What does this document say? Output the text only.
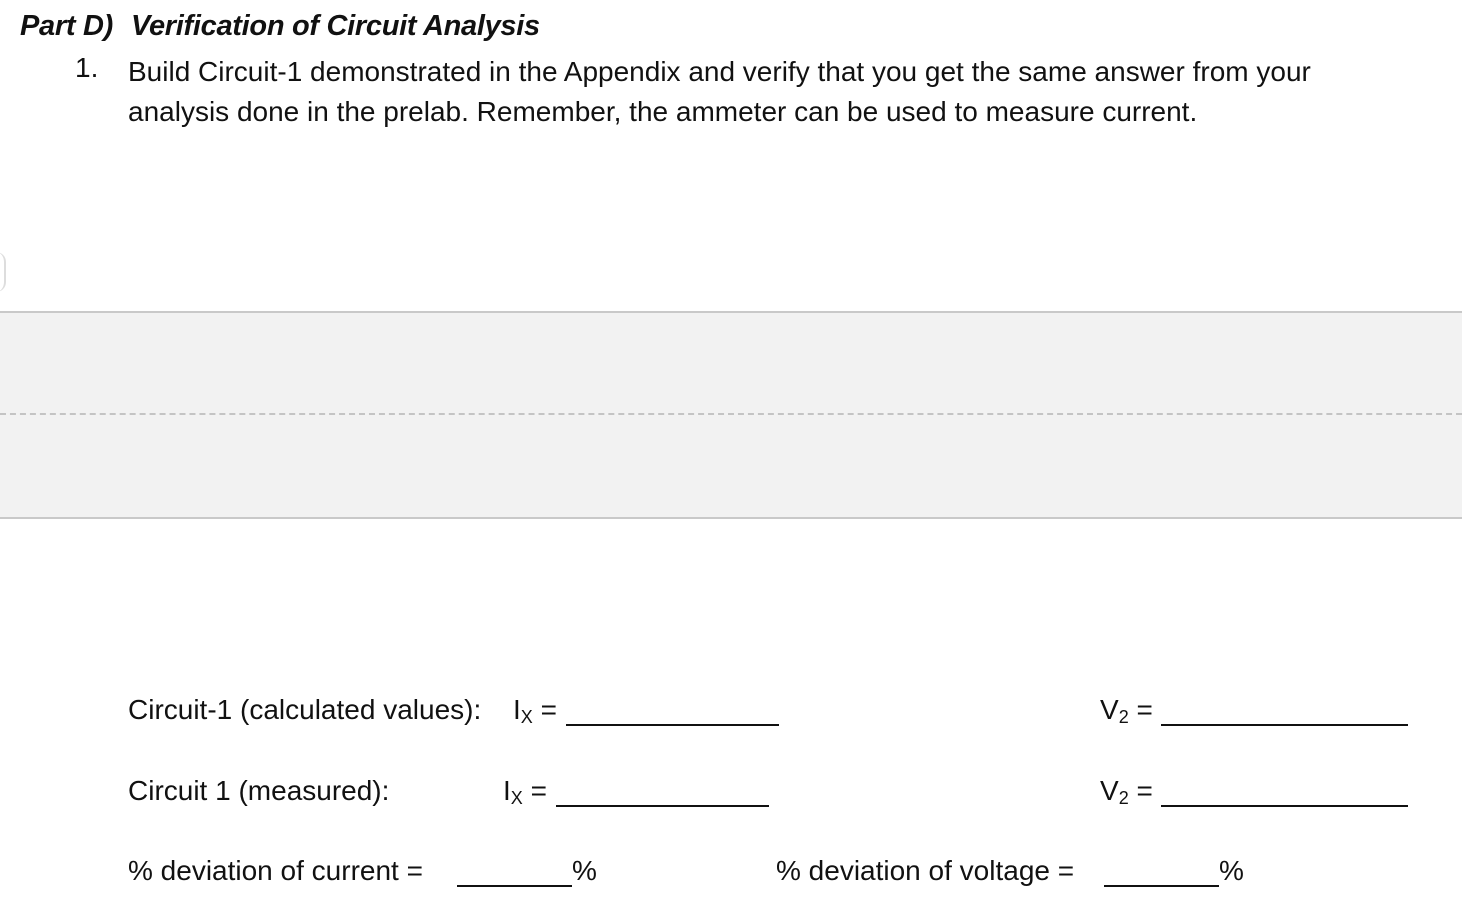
Part D) Verification of Circuit Analysis
1. Build Circuit-1 demonstrated in the Appendix and verify that you get the same answer from your
analysis done in the prelab. Remember, the ammeter can be used to measure current.
Circuit-1 (calculated values): IX =	V2 =
Circuit 1 (measured):	IX =	V2 =
% deviation of current =	%	% deviation of voltage =	%
